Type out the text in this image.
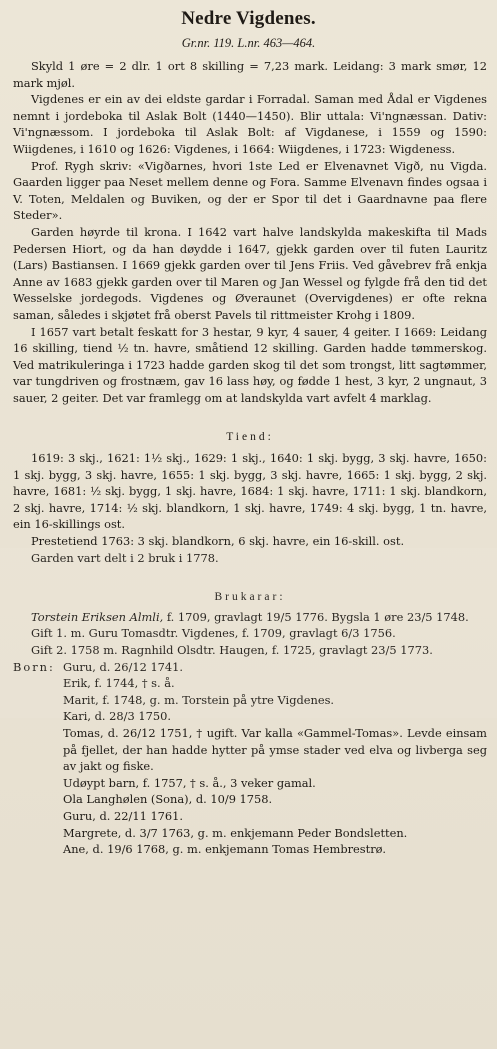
Nedre Vigdenes.
Gr.nr. 119. L.nr. 463—464.

Skyld 1 øre = 2 dlr. 1 ort 8 skilling = 7,23 mark. Leidang: 3 mark smør, 12 mark mjøl.

Vigdenes er ein av dei eldste gardar i Forradal. Saman med Ådal er Vigdenes nemnt i jordeboka til Aslak Bolt (1440—1450). Blir uttala: Vi'ngnæssan. Dativ: Vi'ngnæssom. I jordeboka til Aslak Bolt: af Vigdanese, i 1559 og 1590: Wiigdenes, i 1610 og 1626: Vigdenes, i 1664: Wiigdenes, i 1723: Wigdeness.

Prof. Rygh skriv: «Vigðarnes, hvori 1ste Led er Elvenavnet Vigð, nu Vigda. Gaarden ligger paa Neset mellem denne og Fora. Samme Elvenavn findes ogsaa i V. Toten, Meldalen og Buviken, og der er Spor til det i Gaardnavne paa flere Steder».

Garden høyrde til krona. I 1642 vart halve landskylda makeskifta til Mads Pedersen Hiort, og da han døydde i 1647, gjekk garden over til futen Lauritz (Lars) Bastiansen. I 1669 gjekk garden over til Jens Friis. Ved gåvebrev frå enkja Anne av 1683 gjekk garden over til Maren og Jan Wessel og fylgde frå den tid det Wesselske jordegods. Vigdenes og Øveraunet (Overvigdenes) er ofte rekna saman, således i skjøtet frå oberst Pavels til rittmeister Krohg i 1809.

I 1657 vart betalt feskatt for 3 hestar, 9 kyr, 4 sauer, 4 geiter. I 1669: Leidang 16 skilling, tiend ½ tn. havre, småtiend 12 skilling. Garden hadde tømmerskog. Ved matrikuleringa i 1723 hadde garden skog til det som trongst, litt sagtømmer, var tungdriven og frostnæm, gav 16 lass høy, og fødde 1 hest, 3 kyr, 2 ungnaut, 3 sauer, 2 geiter. Det var framlegg om at landskylda vart avfelt 4 marklag.

Tiend:

1619: 3 skj., 1621: 1½ skj., 1629: 1 skj., 1640: 1 skj. bygg, 3 skj. havre, 1650: 1 skj. bygg, 3 skj. havre, 1655: 1 skj. bygg, 3 skj. havre, 1665: 1 skj. bygg, 2 skj. havre, 1681: ½ skj. bygg, 1 skj. havre, 1684: 1 skj. havre, 1711: 1 skj. blandkorn, 2 skj. havre, 1714: ½ skj. blandkorn, 1 skj. havre, 1749: 4 skj. bygg, 1 tn. havre, ein 16-skillings ost.

Prestetiend 1763: 3 skj. blandkorn, 6 skj. havre, ein 16-skill. ost.

Garden vart delt i 2 bruk i 1778.

Brukarar:

Torstein Eriksen Almli, f. 1709, gravlagt 19/5 1776. Bygsla 1 øre 23/5 1748.

Gift 1. m. Guru Tomasdtr. Vigdenes, f. 1709, gravlagt 6/3 1756.

Gift 2. 1758 m. Ragnhild Olsdtr. Haugen, f. 1725, gravlagt 23/5 1773.

Born: Guru, d. 26/12 1741.

Erik, f. 1744, † s. å.

Marit, f. 1748, g. m. Torstein på ytre Vigdenes.

Kari, d. 28/3 1750.

Tomas, d. 26/12 1751, † ugift. Var kalla «Gammel-Tomas». Levde einsam på fjellet, der han hadde hytter på ymse stader ved elva og livberga seg av jakt og fiske.

Udøypt barn, f. 1757, † s. å., 3 veker gamal.

Ola Langhølen (Sona), d. 10/9 1758.

Guru, d. 22/11 1761.

Margrete, d. 3/7 1763, g. m. enkjemann Peder Bondsletten.

Ane, d. 19/6 1768, g. m. enkjemann Tomas Hembrestrø.
